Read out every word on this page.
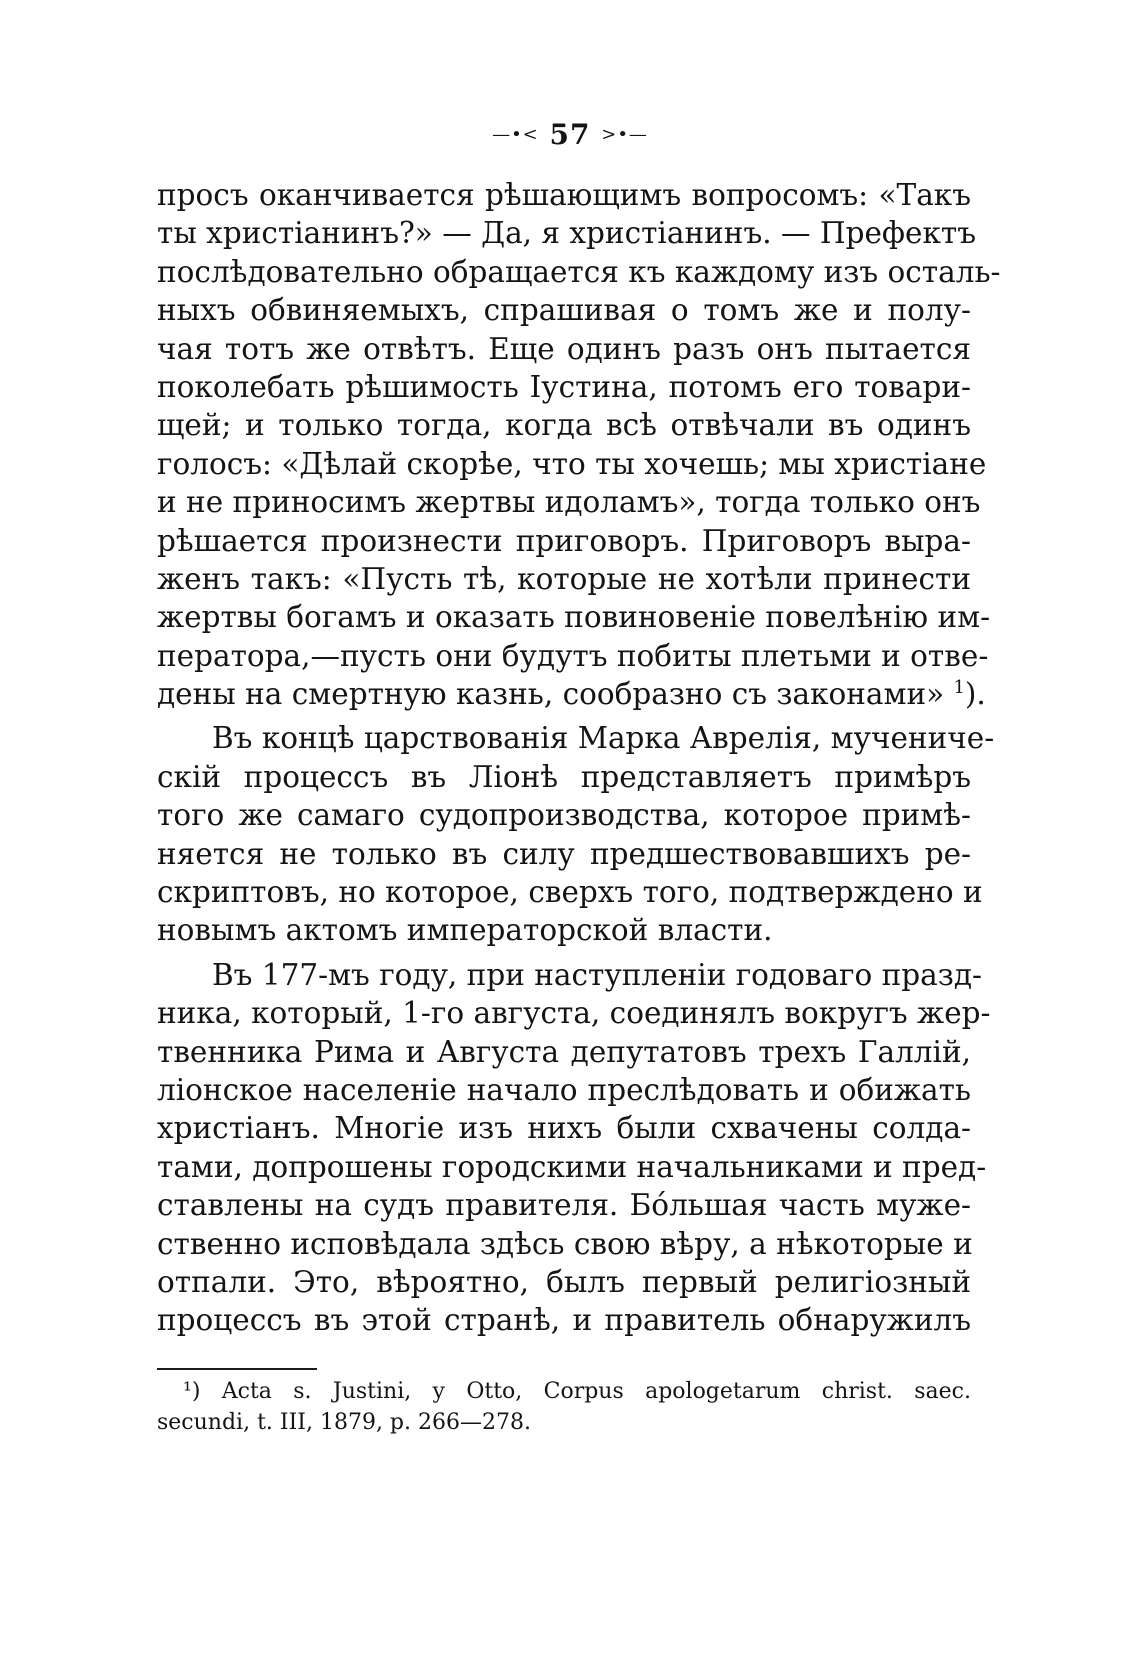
—•< 57 >•—
просъ оканчивается рѣшающимъ вопросомъ: «Такъ
ты христіанинъ?» — Да, я христіанинъ. — Префектъ
послѣдовательно обращается къ каждому изъ осталь-
ныхъ обвиняемыхъ, спрашивая о томъ же и полу-
чая тотъ же отвѣтъ. Еще одинъ разъ онъ пытается
поколебать рѣшимость Іустина, потомъ его товари-
щей; и только тогда, когда всѣ отвѣчали въ одинъ
голосъ: «Дѣлай скорѣе, что ты хочешь; мы христіане
и не приносимъ жертвы идоламъ», тогда только онъ
рѣшается произнести приговоръ. Приговоръ выра-
женъ такъ: «Пусть тѣ, которые не хотѣли принести
жертвы богамъ и оказать повиновеніе повелѣнію им-
ператора,—пусть они будутъ побиты плетьми и отве-
дены на смертную казнь, сообразно съ законами» $^1$).
Въ концѣ царствованія Марка Аврелія, мучениче-
скій процессъ въ Ліонѣ представляетъ примѣръ
того же самаго судопроизводства, которое примѣ-
няется не только въ силу предшествовавшихъ ре-
скриптовъ, но которое, сверхъ того, подтверждено и
новымъ актомъ императорской власти.
Въ 177-мъ году, при наступленіи годоваго празд-
ника, который, 1-го августа, соединялъ вокругъ жер-
твенника Рима и Августа депутатовъ трехъ Галлій,
ліонское населеніе начало преслѣдовать и обижать
христіанъ. Многіе изъ нихъ были схвачены солда-
тами, допрошены городскими начальниками и пред-
ставлены на судъ правителя. Бо́льшая часть муже-
ственно исповѣдала здѣсь свою вѣру, а нѣкоторые и
отпали. Это, вѣроятно, былъ первый религіозный
процессъ въ этой странѣ, и правитель обнаружилъ
¹) Acta s. Justini, y Otto, Corpus apologetarum christ. saec.
secundi, t. III, 1879, p. 266—278.
